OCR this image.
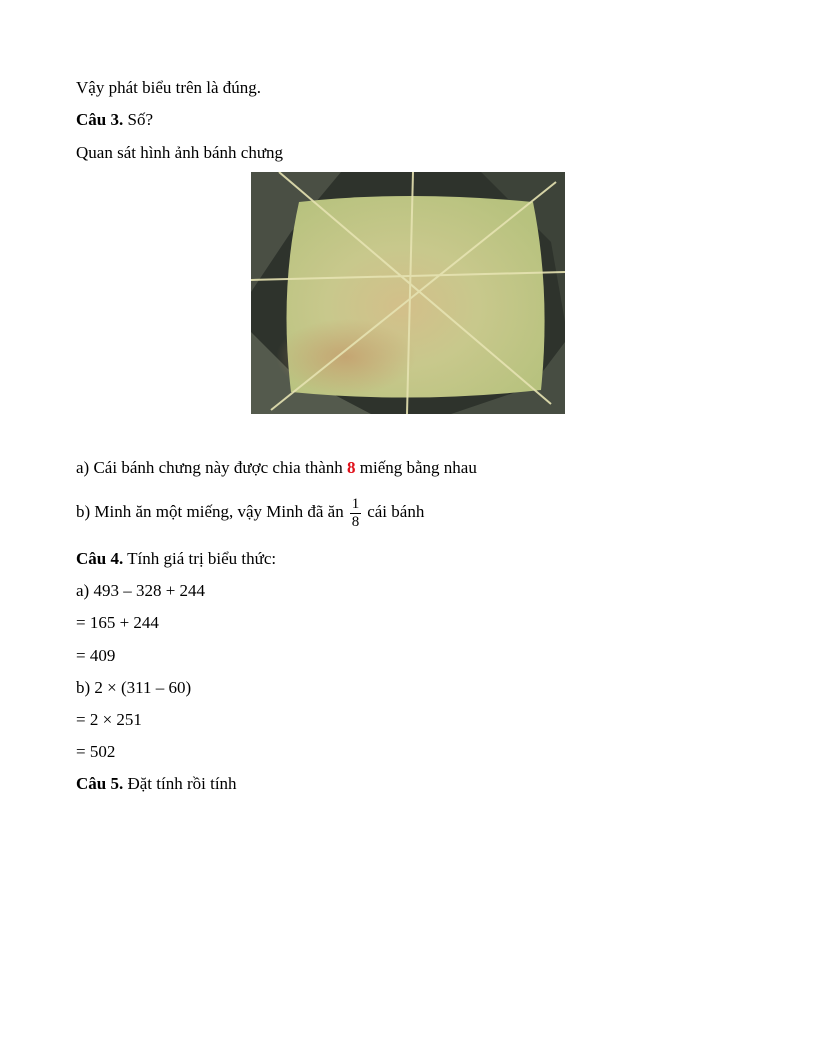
Vậy phát biểu trên là đúng.
Câu 3. Số?
Quan sát hình ảnh bánh chưng
a) Cái bánh chưng này được chia thành 8 miếng bằng nhau
b) Minh ăn một miếng, vậy Minh đã ăn $\frac{1}{8}$ cái bánh
Câu 4. Tính giá trị biểu thức:
a) 493 – 328 + 244
= 165 + 244
= 409
b) 2 × (311 – 60)
= 2 × 251
= 502
Câu 5. Đặt tính rồi tính
